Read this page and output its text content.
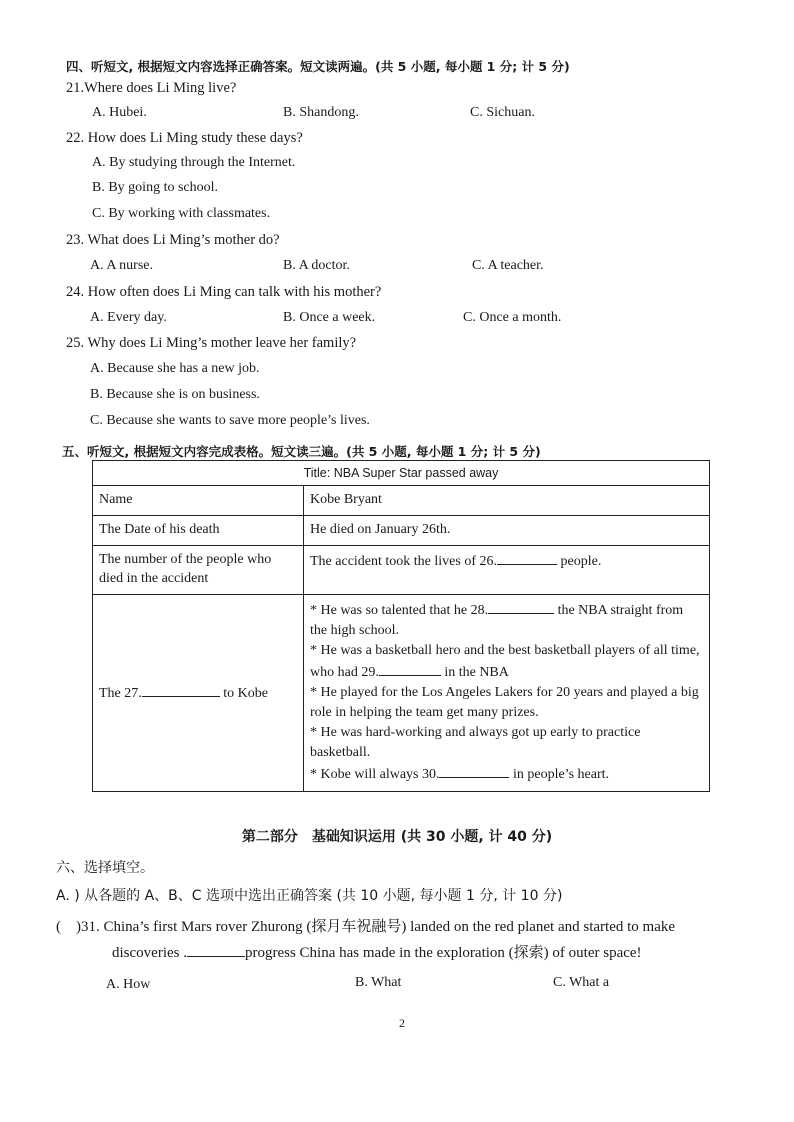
四、听短文, 根据短文内容选择正确答案。短文读两遍。(共 5 小题, 每小题 1 分; 计 5 分)
21.Where does Li Ming live?
A. Hubei.	B. Shandong.	C. Sichuan.
22. How does Li Ming study these days?
A. By studying through the Internet.
B. By going to school.
C. By working with classmates.
23. What does Li Ming’s mother do?
A. A nurse.	B. A doctor.	C. A teacher.
24. How often does Li Ming can talk with his mother?
A. Every day.	B. Once a week.	C. Once a month.
25. Why does Li Ming’s mother leave her family?
A. Because she has a new job.
B. Because she is on business.
C. Because she wants to save more people’s lives.
五、听短文, 根据短文内容完成表格。短文读三遍。(共 5 小题, 每小题 1 分; 计 5 分)
Title: NBA Super Star passed away	
Name	Kobe Bryant
The Date of his death	He died on January 26th.
The number of the people who died in the accident	The accident took the lives of 26. people.
The 27. to Kobe	* He was so talented that he 28. the NBA straight from the high school.
* He was a basketball hero and the best basketball players of all time, who had 29. in the NBA
* He played for the Los Angeles Lakers for 20 years and played a big role in helping the team get many prizes.
* He was hard-working and always got up early to practice basketball.
* Kobe will always 30. in people’s heart.
第二部分　基础知识运用 (共 30 小题, 计 40 分)
六、选择填空。
A. ) 从各题的 A、B、C 选项中选出正确答案 (共 10 小题, 每小题 1 分, 计 10 分)
(　)31. China’s first Mars rover Zhurong (探月车祝融号) landed on the red planet and started to make
discoveries .	progress China has made in the exploration (探索) of outer space!
A. How	B. What	C. What a
2
